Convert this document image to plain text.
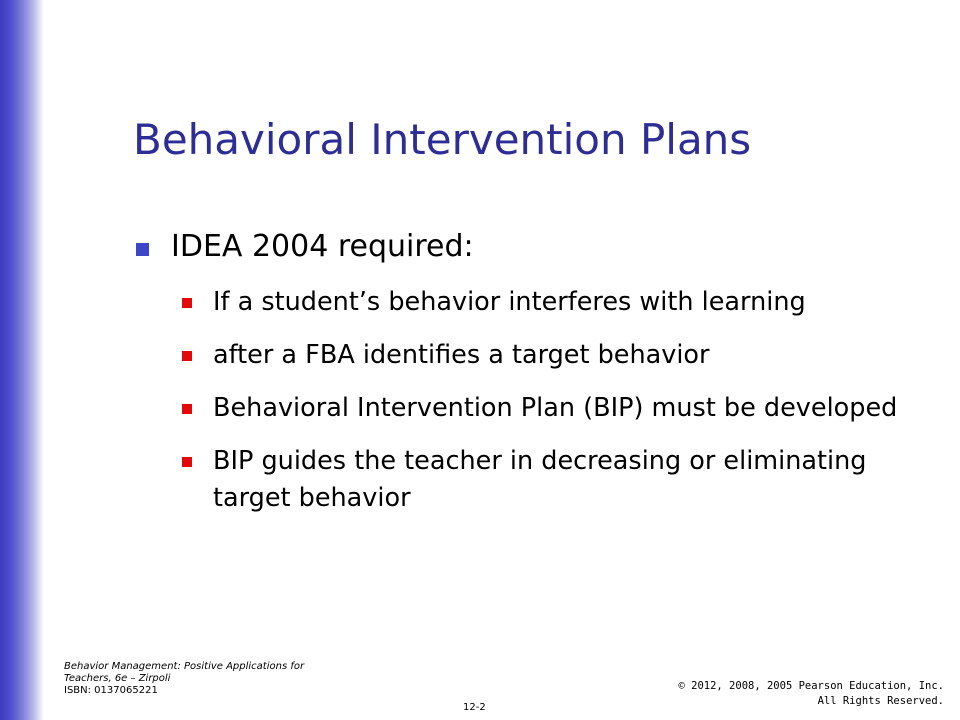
Behavioral Intervention Plans
IDEA 2004 required:
If a student’s behavior interferes with learning
after a FBA identifies a target behavior
Behavioral Intervention Plan (BIP) must be developed
BIP guides the teacher in decreasing or eliminating target behavior
Behavior Management: Positive Applications for Teachers, 6e – Zirpoli
ISBN: 0137065221
12-2
© 2012, 2008, 2005 Pearson Education, Inc.
All Rights Reserved.
